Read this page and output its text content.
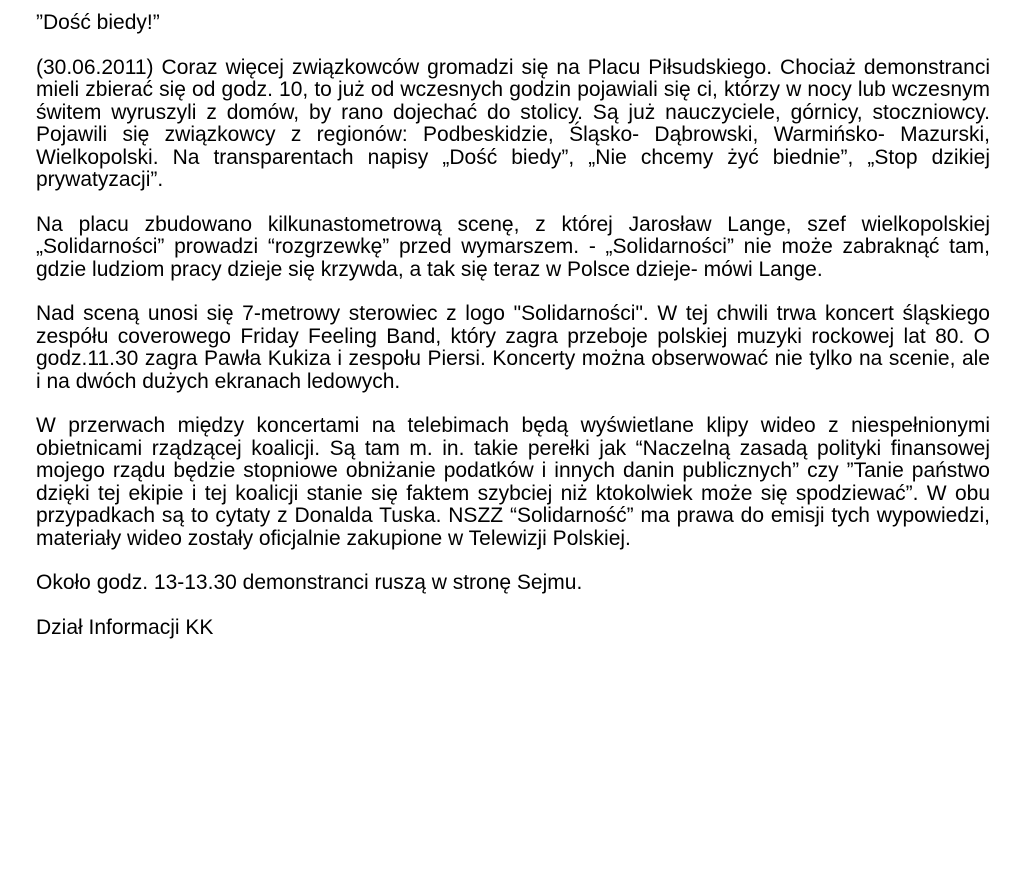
”Dość biedy!”

(30.06.2011) Coraz więcej związkowców gromadzi się na Placu Piłsudskiego. Chociaż demonstranci mieli zbierać się od godz. 10, to już od wczesnych godzin pojawiali się ci, którzy w nocy lub wczesnym świtem wyruszyli z domów, by rano dojechać do stolicy. Są już nauczyciele, górnicy, stoczniowcy. Pojawili się związkowcy z regionów: Podbeskidzie, Śląsko- Dąbrowski, Warmińsko- Mazurski, Wielkopolski. Na transparentach napisy „Dość biedy”, „Nie chcemy żyć biednie”, „Stop dzikiej prywatyzacji”.

Na placu zbudowano kilkunastometrową scenę, z której Jarosław Lange, szef wielkopolskiej „Solidarności” prowadzi “rozgrzewkę” przed wymarszem. - „Solidarności” nie może zabraknąć tam, gdzie ludziom pracy dzieje się krzywda, a tak się teraz w Polsce dzieje- mówi Lange.

Nad sceną unosi się 7-metrowy sterowiec z logo "Solidarności". W tej chwili trwa koncert śląskiego zespółu coverowego Friday Feeling Band, który zagra przeboje polskiej muzyki rockowej lat 80. O godz.11.30 zagra Pawła Kukiza i zespołu Piersi. Koncerty można obserwować nie tylko na scenie, ale i na dwóch dużych ekranach ledowych.

W przerwach między koncertami na telebimach będą wyświetlane klipy wideo z niespełnionymi obietnicami rządzącej koalicji. Są tam m. in. takie perełki jak “Naczelną zasadą polityki finansowej mojego rządu będzie stopniowe obniżanie podatków i innych danin publicznych” czy ”Tanie państwo dzięki tej ekipie i tej koalicji stanie się faktem szybciej niż ktokolwiek może się spodziewać”. W obu przypadkach są to cytaty z Donalda Tuska. NSZZ “Solidarność” ma prawa do emisji tych wypowiedzi, materiały wideo zostały oficjalnie zakupione w Telewizji Polskiej.

Około godz. 13-13.30 demonstranci ruszą w stronę Sejmu.

Dział Informacji KK
